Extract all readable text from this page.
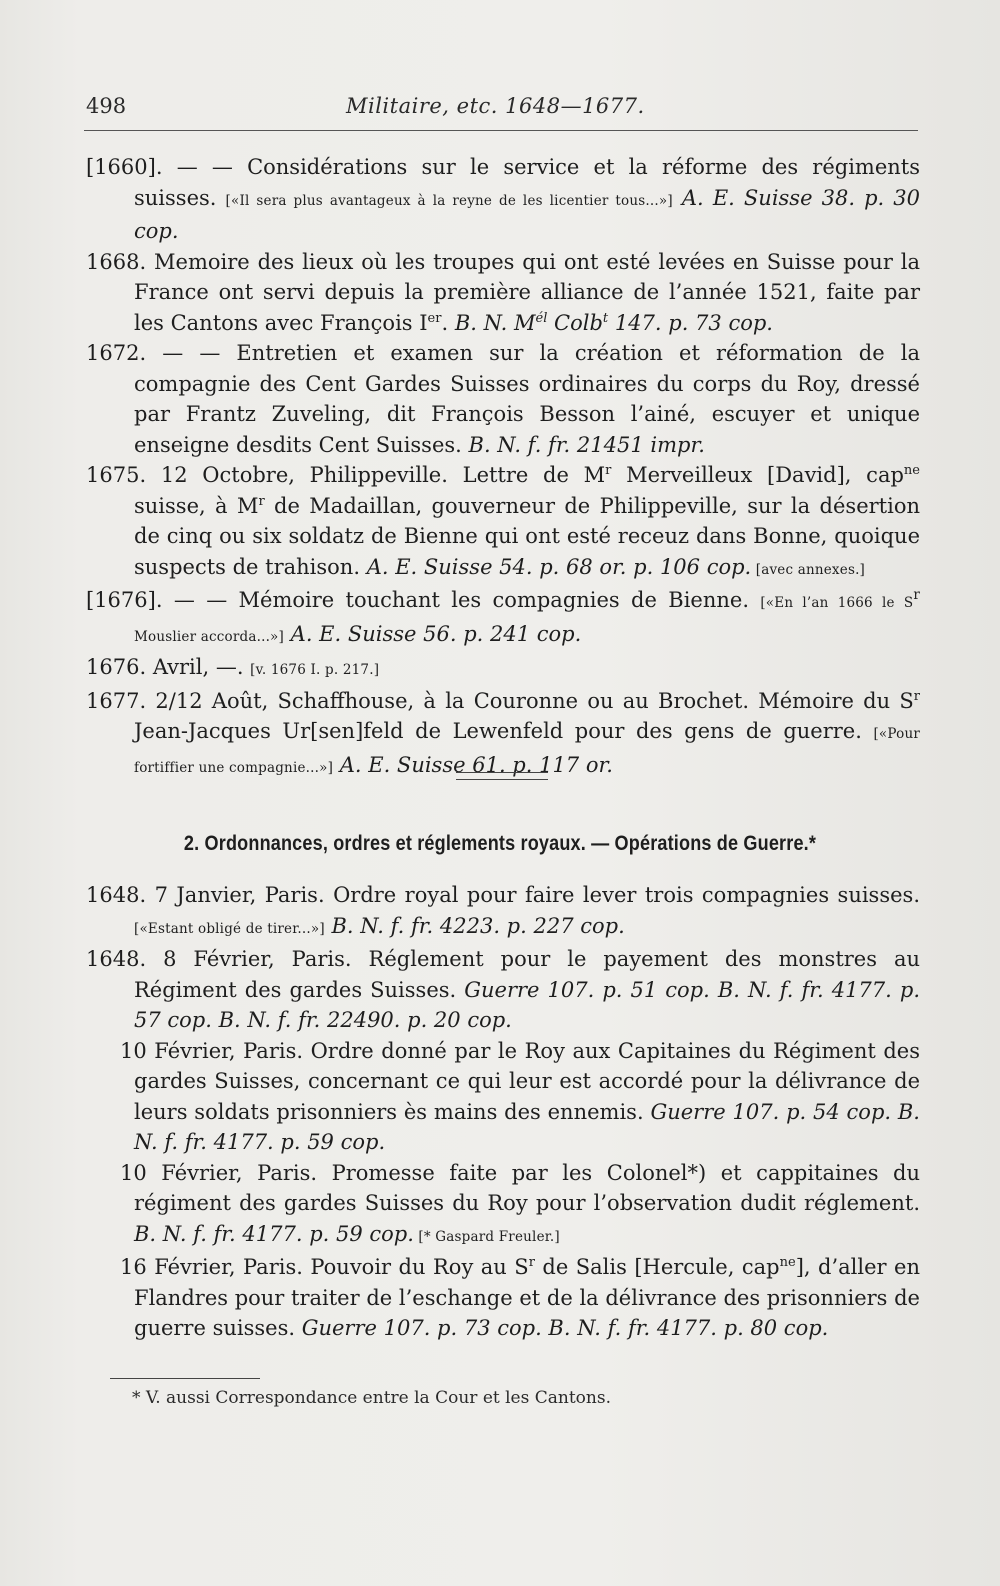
498	Militaire, etc. 1648—1677.

[1660]. — — Considérations sur le service et la réforme des régiments suisses. [«Il sera plus avantageux à la reyne de les licentier tous...»] A. E. Suisse 38. p. 30 cop.

1668. Memoire des lieux où les troupes qui ont esté levées en Suisse pour la France ont servi depuis la première alliance de l’année 1521, faite par les Cantons avec François Ier. B. N. M$^{él}$ Colb$^t$ 147. p. 73 cop.

1672. — — Entretien et examen sur la création et réformation de la compagnie des Cent Gardes Suisses ordinaires du corps du Roy, dressé par Frantz Zuveling, dit François Besson l’ainé, escuyer et unique enseigne desdits Cent Suisses. B. N. f. fr. 21451 impr.

1675. 12 Octobre, Philippeville. Lettre de $M^r$ Merveilleux [David], cap$^{ne}$ suisse, à $M^r$ de Madaillan, gouverneur de Philippeville, sur la désertion de cinq ou six soldatz de Bienne qui ont esté receuz dans Bonne, quoique suspects de trahison. A. E. Suisse 54. p. 68 or. p. 106 cop. [avec annexes.]

[1676]. — — Mémoire touchant les compagnies de Bienne. [«En l’an 1666 le S$^r$ Mouslier accorda...»] A. E. Suisse 56. p. 241 cop.

1676. Avril, —. [v. 1676 I. p. 217.]

1677. 2/12 Août, Schaffhouse, à la Couronne ou au Brochet. Mémoire du $S^r$ Jean-Jacques Ur[sen]feld de Lewenfeld pour des gens de guerre. [«Pour fortiffier une compagnie...»] A. E. Suisse 61. p. 117 or.

2. Ordonnances, ordres et réglements royaux. — Opérations de Guerre.*

1648. 7 Janvier, Paris. Ordre royal pour faire lever trois compagnies suisses. [«Estant obligé de tirer...»] B. N. f. fr. 4223. p. 227 cop.

1648. 8 Février, Paris. Réglement pour le payement des monstres au Régiment des gardes Suisses. Guerre 107. p. 51 cop. B. N. f. fr. 4177. p. 57 cop. B. N. f. fr. 22490. p. 20 cop.

10 Février, Paris. Ordre donné par le Roy aux Capitaines du Régiment des gardes Suisses, concernant ce qui leur est accordé pour la délivrance de leurs soldats prisonniers ès mains des ennemis. Guerre 107. p. 54 cop. B. N. f. fr. 4177. p. 59 cop.

10 Février, Paris. Promesse faite par les Colonel*) et cappitaines du régiment des gardes Suisses du Roy pour l’observation dudit réglement. B. N. f. fr. 4177. p. 59 cop. [* Gaspard Freuler.]

16 Février, Paris. Pouvoir du Roy au $S^r$ de Salis [Hercule, cap$^{ne}$], d’aller en Flandres pour traiter de l’eschange et de la délivrance des prisonniers de guerre suisses. Guerre 107. p. 73 cop. B. N. f. fr. 4177. p. 80 cop.

* V. aussi Correspondance entre la Cour et les Cantons.
